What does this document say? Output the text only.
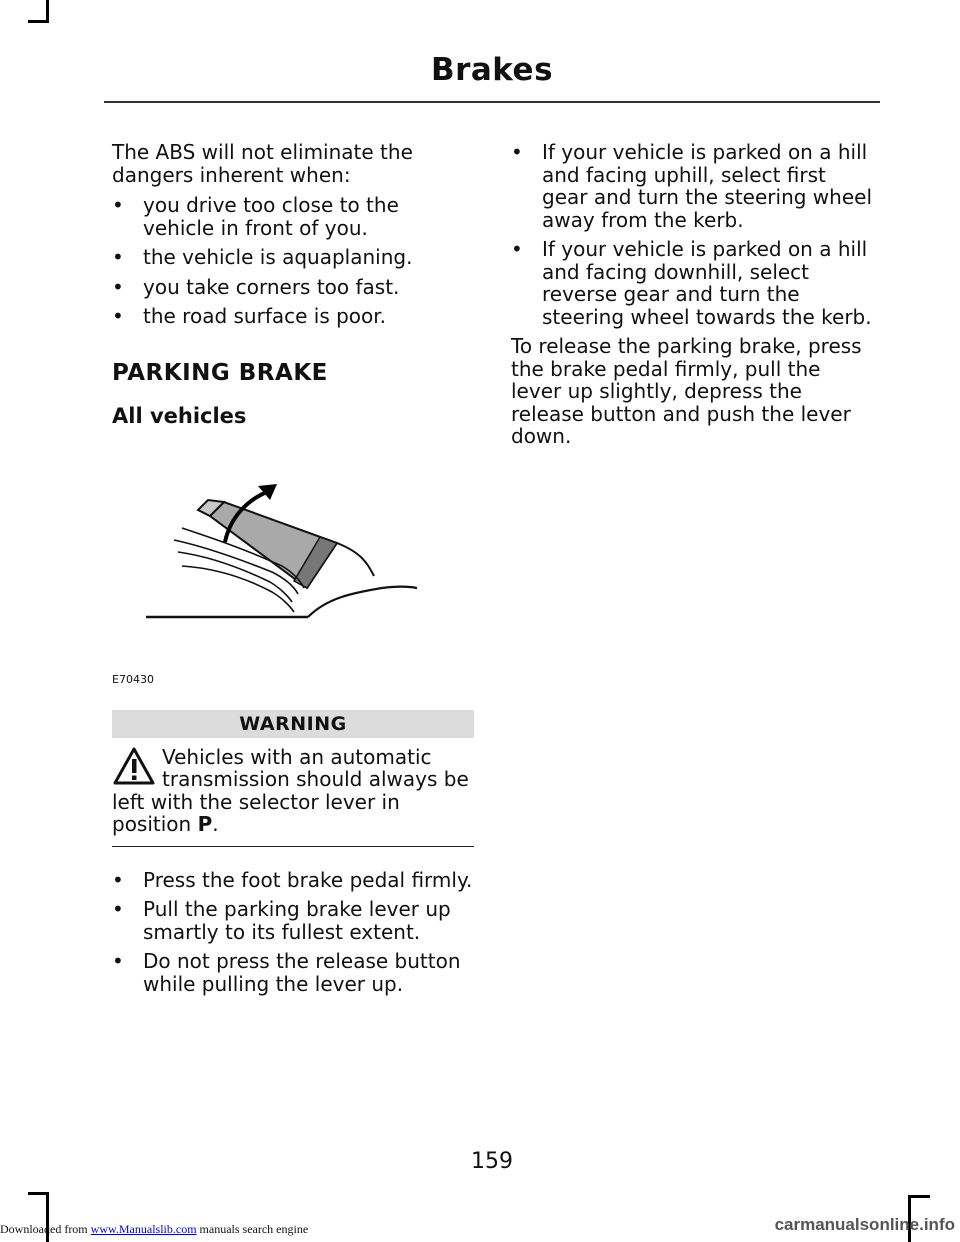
Brakes

The ABS will not eliminate the dangers inherent when:

• you drive too close to the vehicle in front of you.
• the vehicle is aquaplaning.
• you take corners too fast.
• the road surface is poor.
PARKING BRAKE
All vehicles
E70430
WARNING
Vehicles with an automatic transmission should always be left with the selector lever in position P.
• Press the foot brake pedal firmly.
• Pull the parking brake lever up smartly to its fullest extent.
• Do not press the release button while pulling the lever up.
• If your vehicle is parked on a hill and facing uphill, select first gear and turn the steering wheel away from the kerb.
• If your vehicle is parked on a hill and facing downhill, select reverse gear and turn the steering wheel towards the kerb.

To release the parking brake, press the brake pedal firmly, pull the lever up slightly, depress the release button and push the lever down.

159
Downloaded from www.Manualslib.com manuals search engine	carmanualsonline.info
